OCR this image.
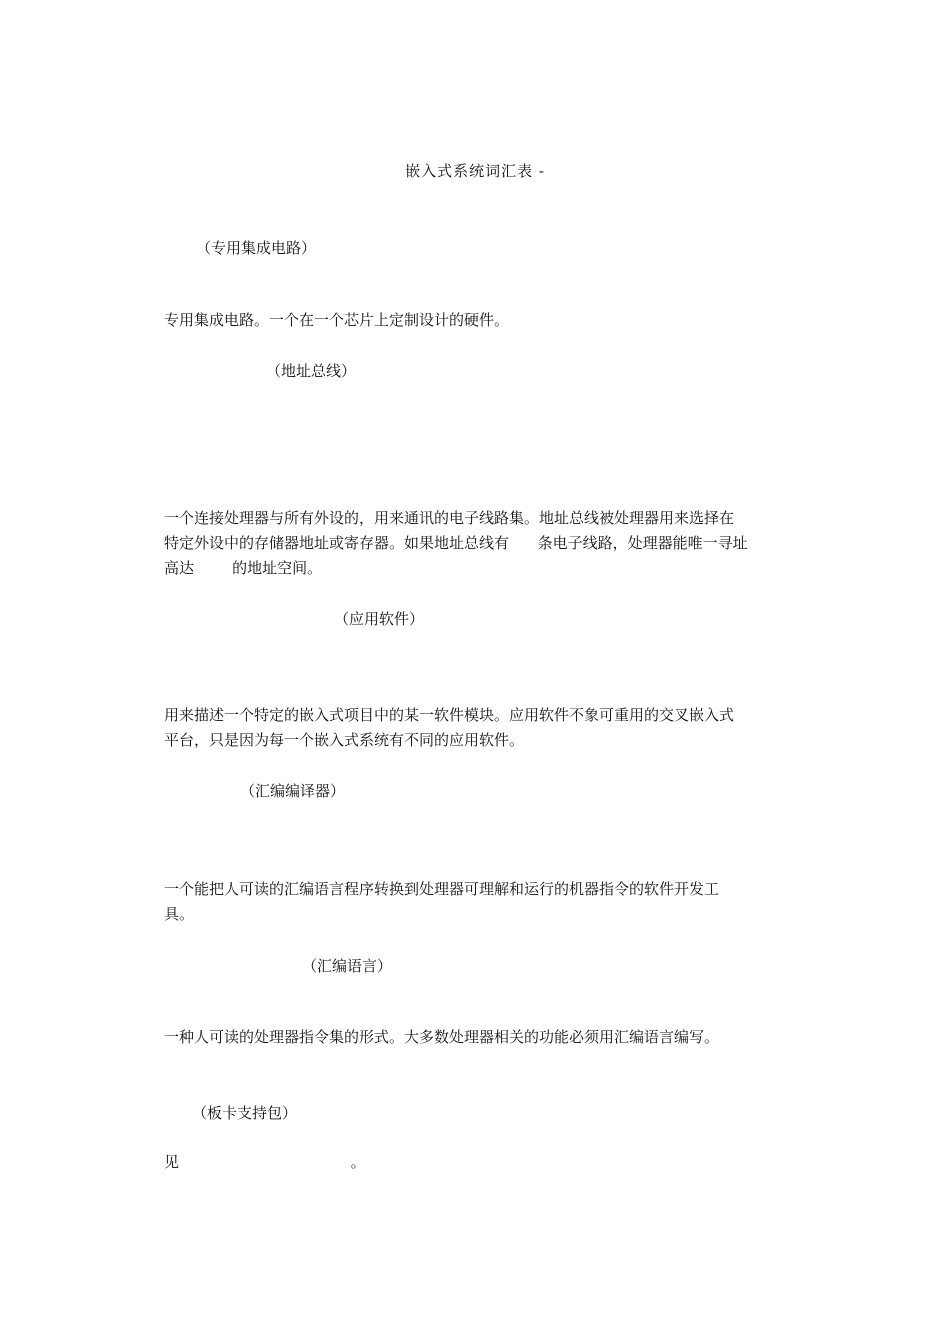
嵌入式系统词汇表 -
（专用集成电路）
专用集成电路。一个在一个芯片上定制设计的硬件。
（地址总线）
一个连接处理器与所有外设的，用来通讯的电子线路集。地址总线被处理器用来选择在
特定外设中的存储器地址或寄存器。如果地址总线有      条电子线路，处理器能唯一寻址
高达        的地址空间。
（应用软件）
用来描述一个特定的嵌入式项目中的某一软件模块。应用软件不象可重用的交叉嵌入式
平台，只是因为每一个嵌入式系统有不同的应用软件。
（汇编编译器）
一个能把人可读的汇编语言程序转换到处理器可理解和运行的机器指令的软件开发工
具。
（汇编语言）
一种人可读的处理器指令集的形式。大多数处理器相关的功能必须用汇编语言编写。
（板卡支持包）
见                                    。
